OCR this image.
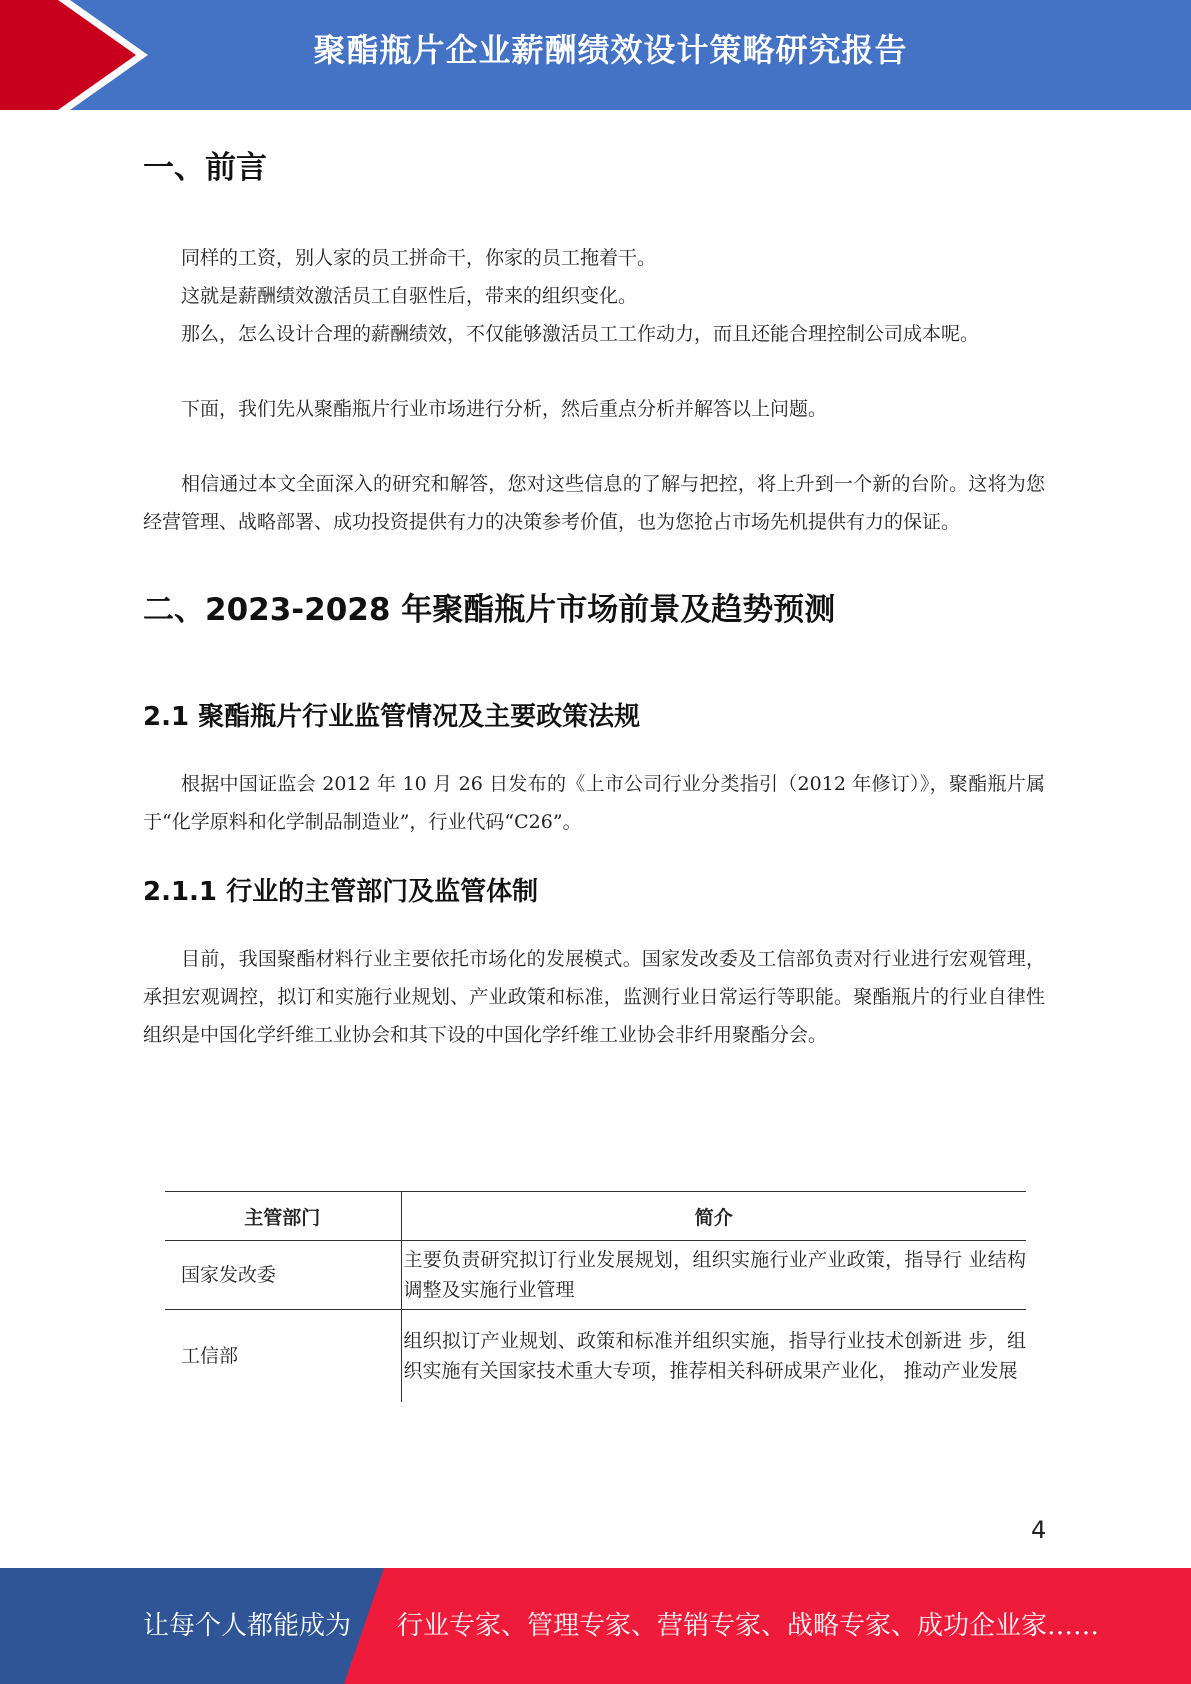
聚酯瓶片企业薪酬绩效设计策略研究报告
一、前言

同样的工资，别人家的员工拼命干，你家的员工拖着干。

这就是薪酬绩效激活员工自驱性后，带来的组织变化。

那么，怎么设计合理的薪酬绩效，不仅能够激活员工工作动力，而且还能合理控制公司成本呢。

下面，我们先从聚酯瓶片行业市场进行分析，然后重点分析并解答以上问题。

相信通过本文全面深入的研究和解答，您对这些信息的了解与把控，将上升到一个新的台阶。这将为您经营管理、战略部署、成功投资提供有力的决策参考价值，也为您抢占市场先机提供有力的保证。

二、2023-2028 年聚酯瓶片市场前景及趋势预测
2.1 聚酯瓶片行业监管情况及主要政策法规

根据中国证监会 2012 年 10 月 26 日发布的《上市公司行业分类指引（2012 年修订）》，聚酯瓶片属于“化学原料和化学制品制造业”，行业代码“C26”。

2.1.1 行业的主管部门及监管体制

目前，我国聚酯材料行业主要依托市场化的发展模式。国家发改委及工信部负责对行业进行宏观管理，承担宏观调控，拟订和实施行业规划、产业政策和标准，监测行业日常运行等职能。聚酯瓶片的行业自律性组织是中国化学纤维工业协会和其下设的中国化学纤维工业协会非纤用聚酯分会。

主管部门	简介
国家发改委	主要负责研究拟订行业发展规划，组织实施行业产业政策，指导行 业结构调整及实施行业管理
工信部	组织拟订产业规划、政策和标准并组织实施，指导行业技术创新进 步，组织实施有关国家技术重大专项，推荐相关科研成果产业化， 推动产业发展
4
让每个人都能成为 行业专家、管理专家、营销专家、战略专家、成功企业家……
